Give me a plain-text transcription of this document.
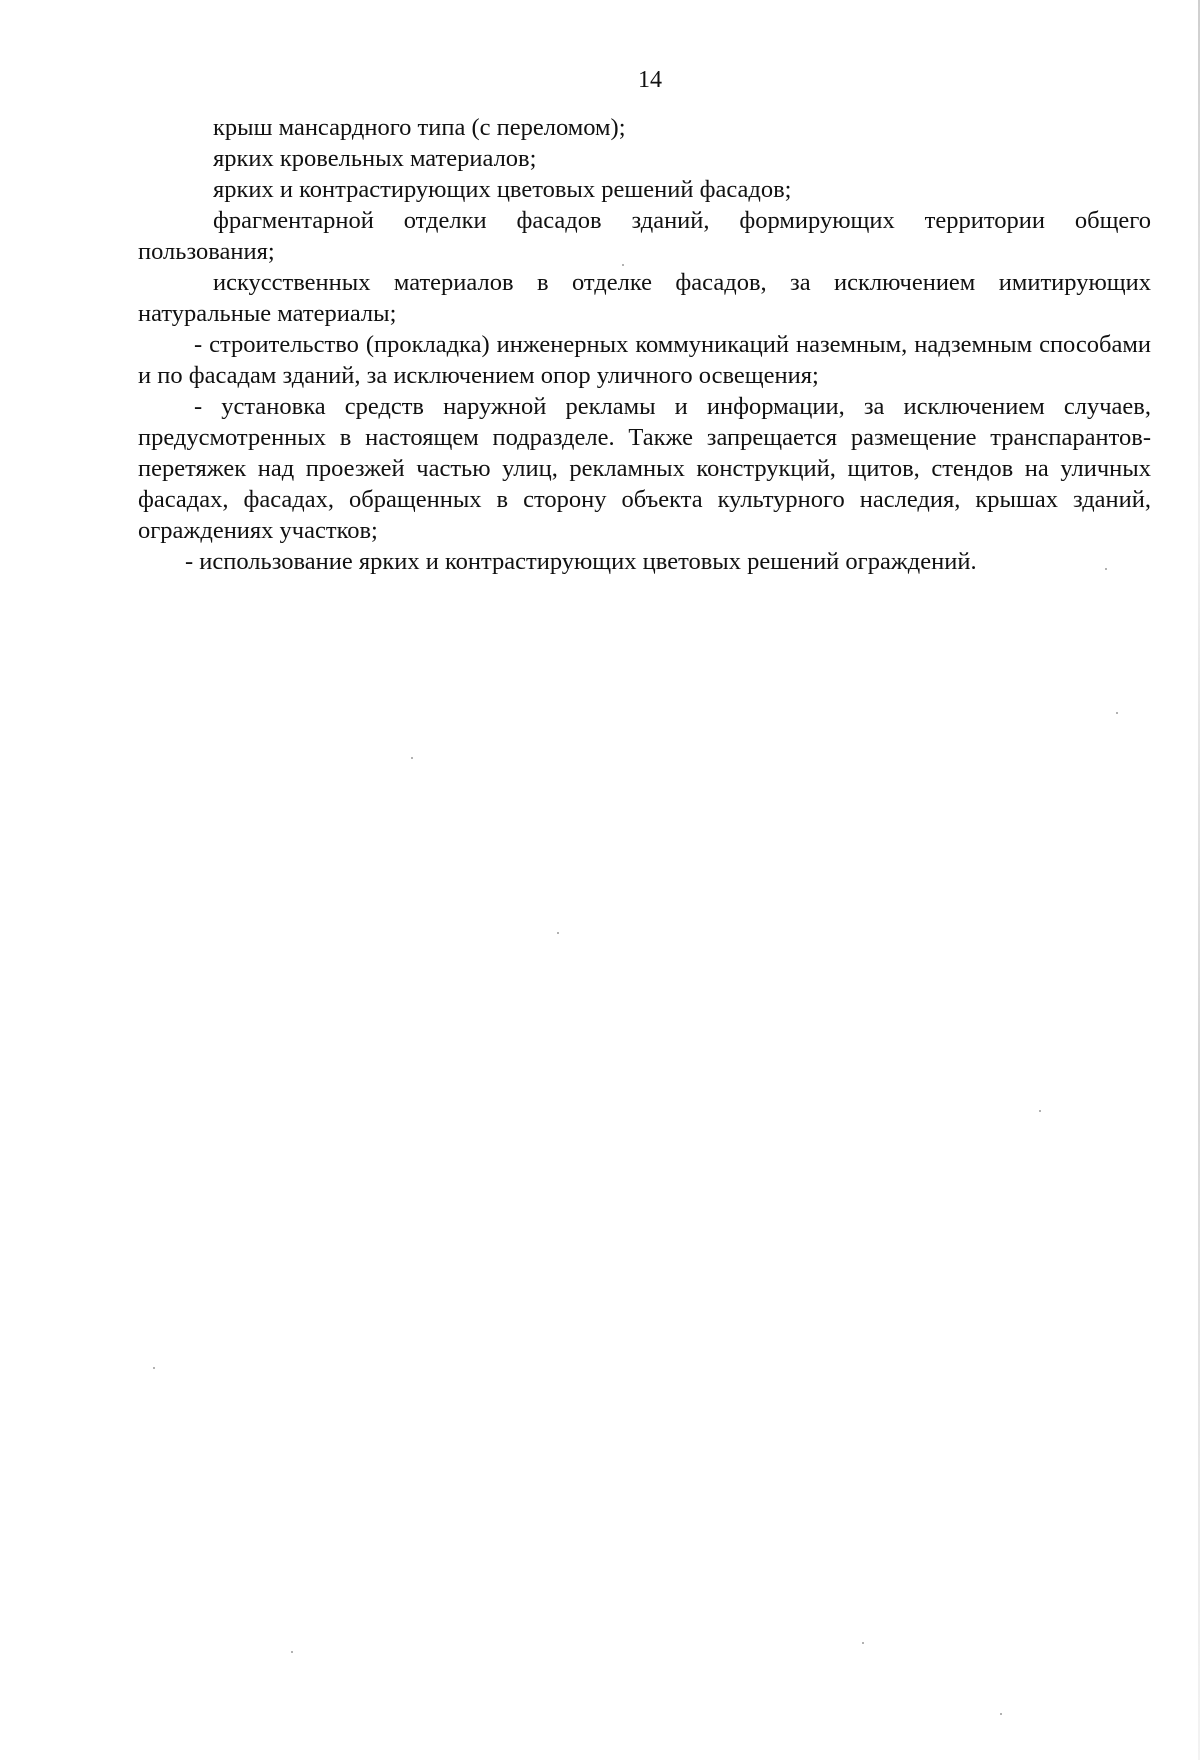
14

крыш мансардного типа (с переломом);

ярких кровельных материалов;

ярких и контрастирующих цветовых решений фасадов;

фрагментарной отделки фасадов зданий, формирующих территории общего пользования;

искусственных материалов в отделке фасадов, за исключением имитирующих натуральные материалы;

- строительство (прокладка) инженерных коммуникаций наземным, надземным способами и по фасадам зданий, за исключением опор уличного освещения;

- установка средств наружной рекламы и информации, за исключением случаев, предусмотренных в настоящем подразделе. Также запрещается размещение транспарантов-перетяжек над проезжей частью улиц, рекламных конструкций, щитов, стендов на уличных фасадах, фасадах, обращенных в сторону объекта культурного наследия, крышах зданий, ограждениях участков;

- использование ярких и контрастирующих цветовых решений ограждений.
